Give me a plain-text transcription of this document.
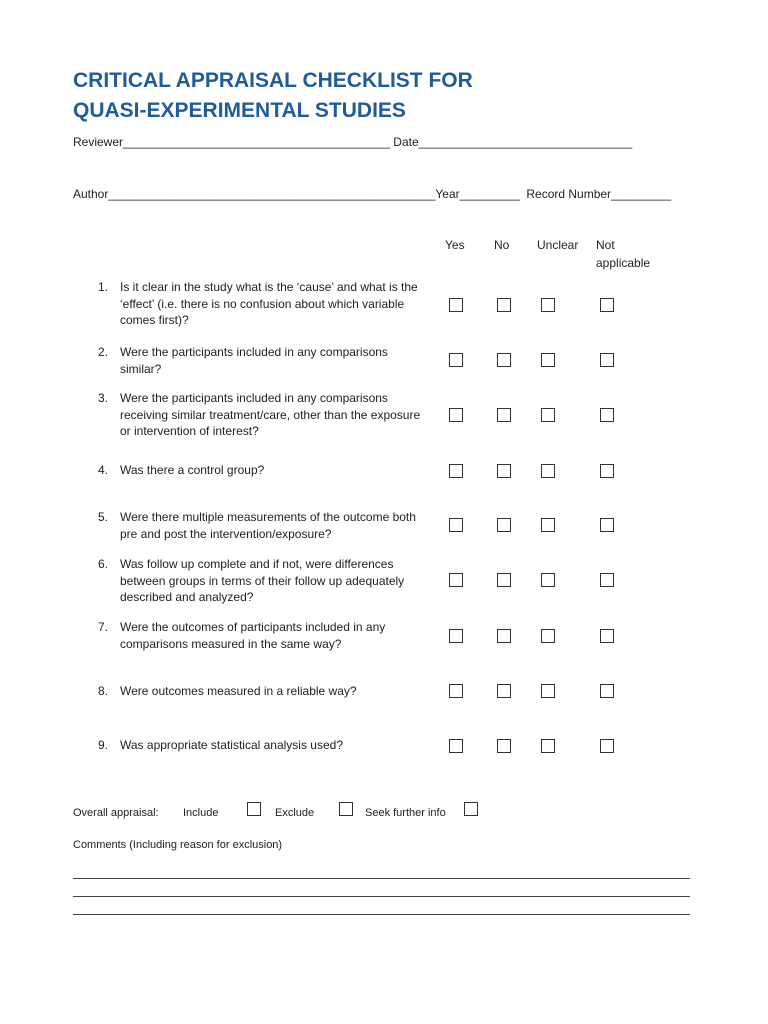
CRITICAL APPRAISAL CHECKLIST FOR
QUASI-EXPERIMENTAL STUDIES
Reviewer________________________________________ Date________________________________
Author_________________________________________________Year_________  Record Number_________
Yes No Unclear Not
applicable
1. Is it clear in the study what is the ‘cause’ and what is the ‘effect’ (i.e. there is no confusion about which variable comes first)?
2. Were the participants included in any comparisons similar?
3. Were the participants included in any comparisons receiving similar treatment/care, other than the exposure or intervention of interest?
4. Was there a control group?
5. Were there multiple measurements of the outcome both pre and post the intervention/exposure?
6. Was follow up complete and if not, were differences between groups in terms of their follow up adequately described and analyzed?
7. Were the outcomes of participants included in any comparisons measured in the same way?
8. Were outcomes measured in a reliable way?
9. Was appropriate statistical analysis used?
Overall appraisal: Include	Exclude	Seek further info
Comments (Including reason for exclusion)
